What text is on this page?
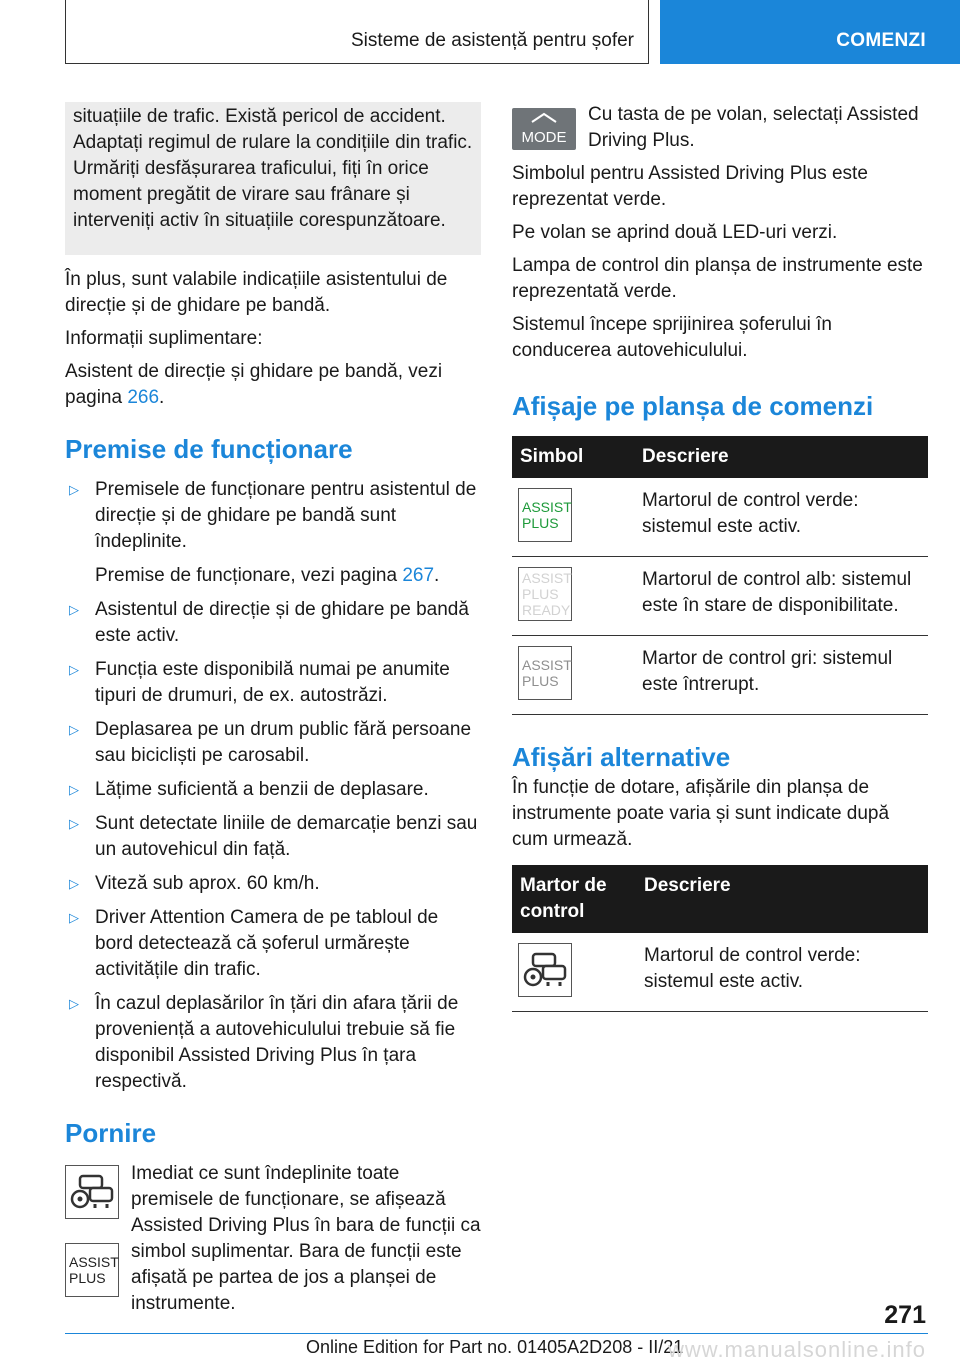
Sisteme de asistență pentru șofer	COMENZI

situațiile de trafic. Există pericol de accident. Adaptați regimul de rulare la condițiile din trafic. Urmăriți desfășurarea traficului, fiți în orice moment pregătit de virare sau frânare și interveniți activ în situațiile corespunzătoare.

În plus, sunt valabile indicațiile asistentului de direcție și de ghidare pe bandă.

Informații suplimentare:

Asistent de direcție și ghidare pe bandă, vezi pagina 266.

Premise de funcționare
▷ Premisele de funcționare pentru asistentul de direcție și de ghidare pe bandă sunt îndeplinite.
Premise de funcționare, vezi pagina 267.
▷ Asistentul de direcție și de ghidare pe bandă este activ.
▷ Funcția este disponibilă numai pe anumite tipuri de drumuri, de ex. autostrăzi.
▷ Deplasarea pe un drum public fără persoane sau bicicliști pe carosabil.
▷ Lățime suficientă a benzii de deplasare.
▷ Sunt detectate liniile de demarcație benzi sau un autovehicul din față.
▷ Viteză sub aprox. 60 km/h.
▷ Driver Attention Camera de pe tabloul de bord detectează că șoferul urmărește activitățile din trafic.
▷ În cazul deplasărilor în țări din afara țării de proveniență a autovehiculului trebuie să fie disponibil Assisted Driving Plus în țara respectivă.
Pornire
ASSIST
PLUS

Imediat ce sunt îndeplinite toate premisele de funcționare, se afișează Assisted Driving Plus în bara de funcții ca simbol suplimentar. Bara de funcții este afișată pe partea de jos a planșei de instrumente.

MODE

Cu tasta de pe volan, selectați Assisted Driving Plus.

Simbolul pentru Assisted Driving Plus este reprezentat verde.

Pe volan se aprind două LED-uri verzi.

Lampa de control din planșa de instrumente este reprezentată verde.

Sistemul începe sprijinirea șoferului în conducerea autovehiculului.

Afișaje pe planșa de comenzi
Simbol	Descriere

ASSIST
PLUS	Martorul de control verde: sistemul este activ.

ASSIST
PLUS
READY	Martorul de control alb: sistemul este în stare de disponibilitate.

ASSIST
PLUS	Martor de control gri: sistemul este întrerupt.
Afișări alternative

În funcție de dotare, afișările din planșa de instrumente poate varia și sunt indicate după cum urmează.

Martor de control	Descriere

	Martorul de control verde: sistemul este activ.
271
Online Edition for Part no. 01405A2D208 - II/21
www.manualsonline.info
